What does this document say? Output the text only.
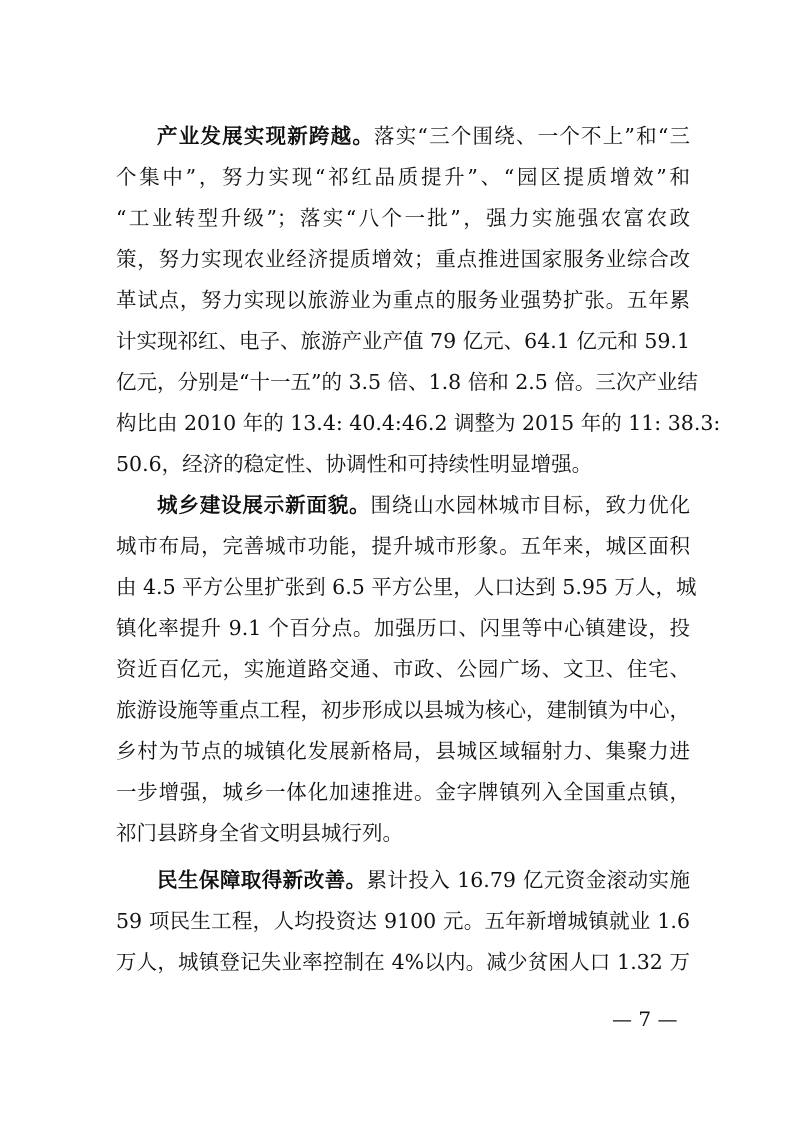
产业发展实现新跨越。落实“三个围绕、一个不上”和“三
个集中”，努力实现“祁红品质提升”、“园区提质增效”和
“工业转型升级”；落实“八个一批”，强力实施强农富农政
策，努力实现农业经济提质增效；重点推进国家服务业综合改
革试点，努力实现以旅游业为重点的服务业强势扩张。五年累
计实现祁红、电子、旅游产业产值 79 亿元、64.1 亿元和 59.1
亿元，分别是“十一五”的 3.5 倍、1.8 倍和 2.5 倍。三次产业结
构比由 2010 年的 13.4: 40.4:46.2 调整为 2015 年的 11: 38.3:
50.6，经济的稳定性、协调性和可持续性明显增强。
城乡建设展示新面貌。围绕山水园林城市目标，致力优化
城市布局，完善城市功能，提升城市形象。五年来，城区面积
由 4.5 平方公里扩张到 6.5 平方公里，人口达到 5.95 万人，城
镇化率提升 9.1 个百分点。加强历口、闪里等中心镇建设，投
资近百亿元，实施道路交通、市政、公园广场、文卫、住宅、
旅游设施等重点工程，初步形成以县城为核心，建制镇为中心，
乡村为节点的城镇化发展新格局，县城区域辐射力、集聚力进
一步增强，城乡一体化加速推进。金字牌镇列入全国重点镇，
祁门县跻身全省文明县城行列。
民生保障取得新改善。累计投入 16.79 亿元资金滚动实施
59 项民生工程，人均投资达 9100 元。五年新增城镇就业 1.6
万人，城镇登记失业率控制在 4%以内。减少贫困人口 1.32 万
— 7 —
